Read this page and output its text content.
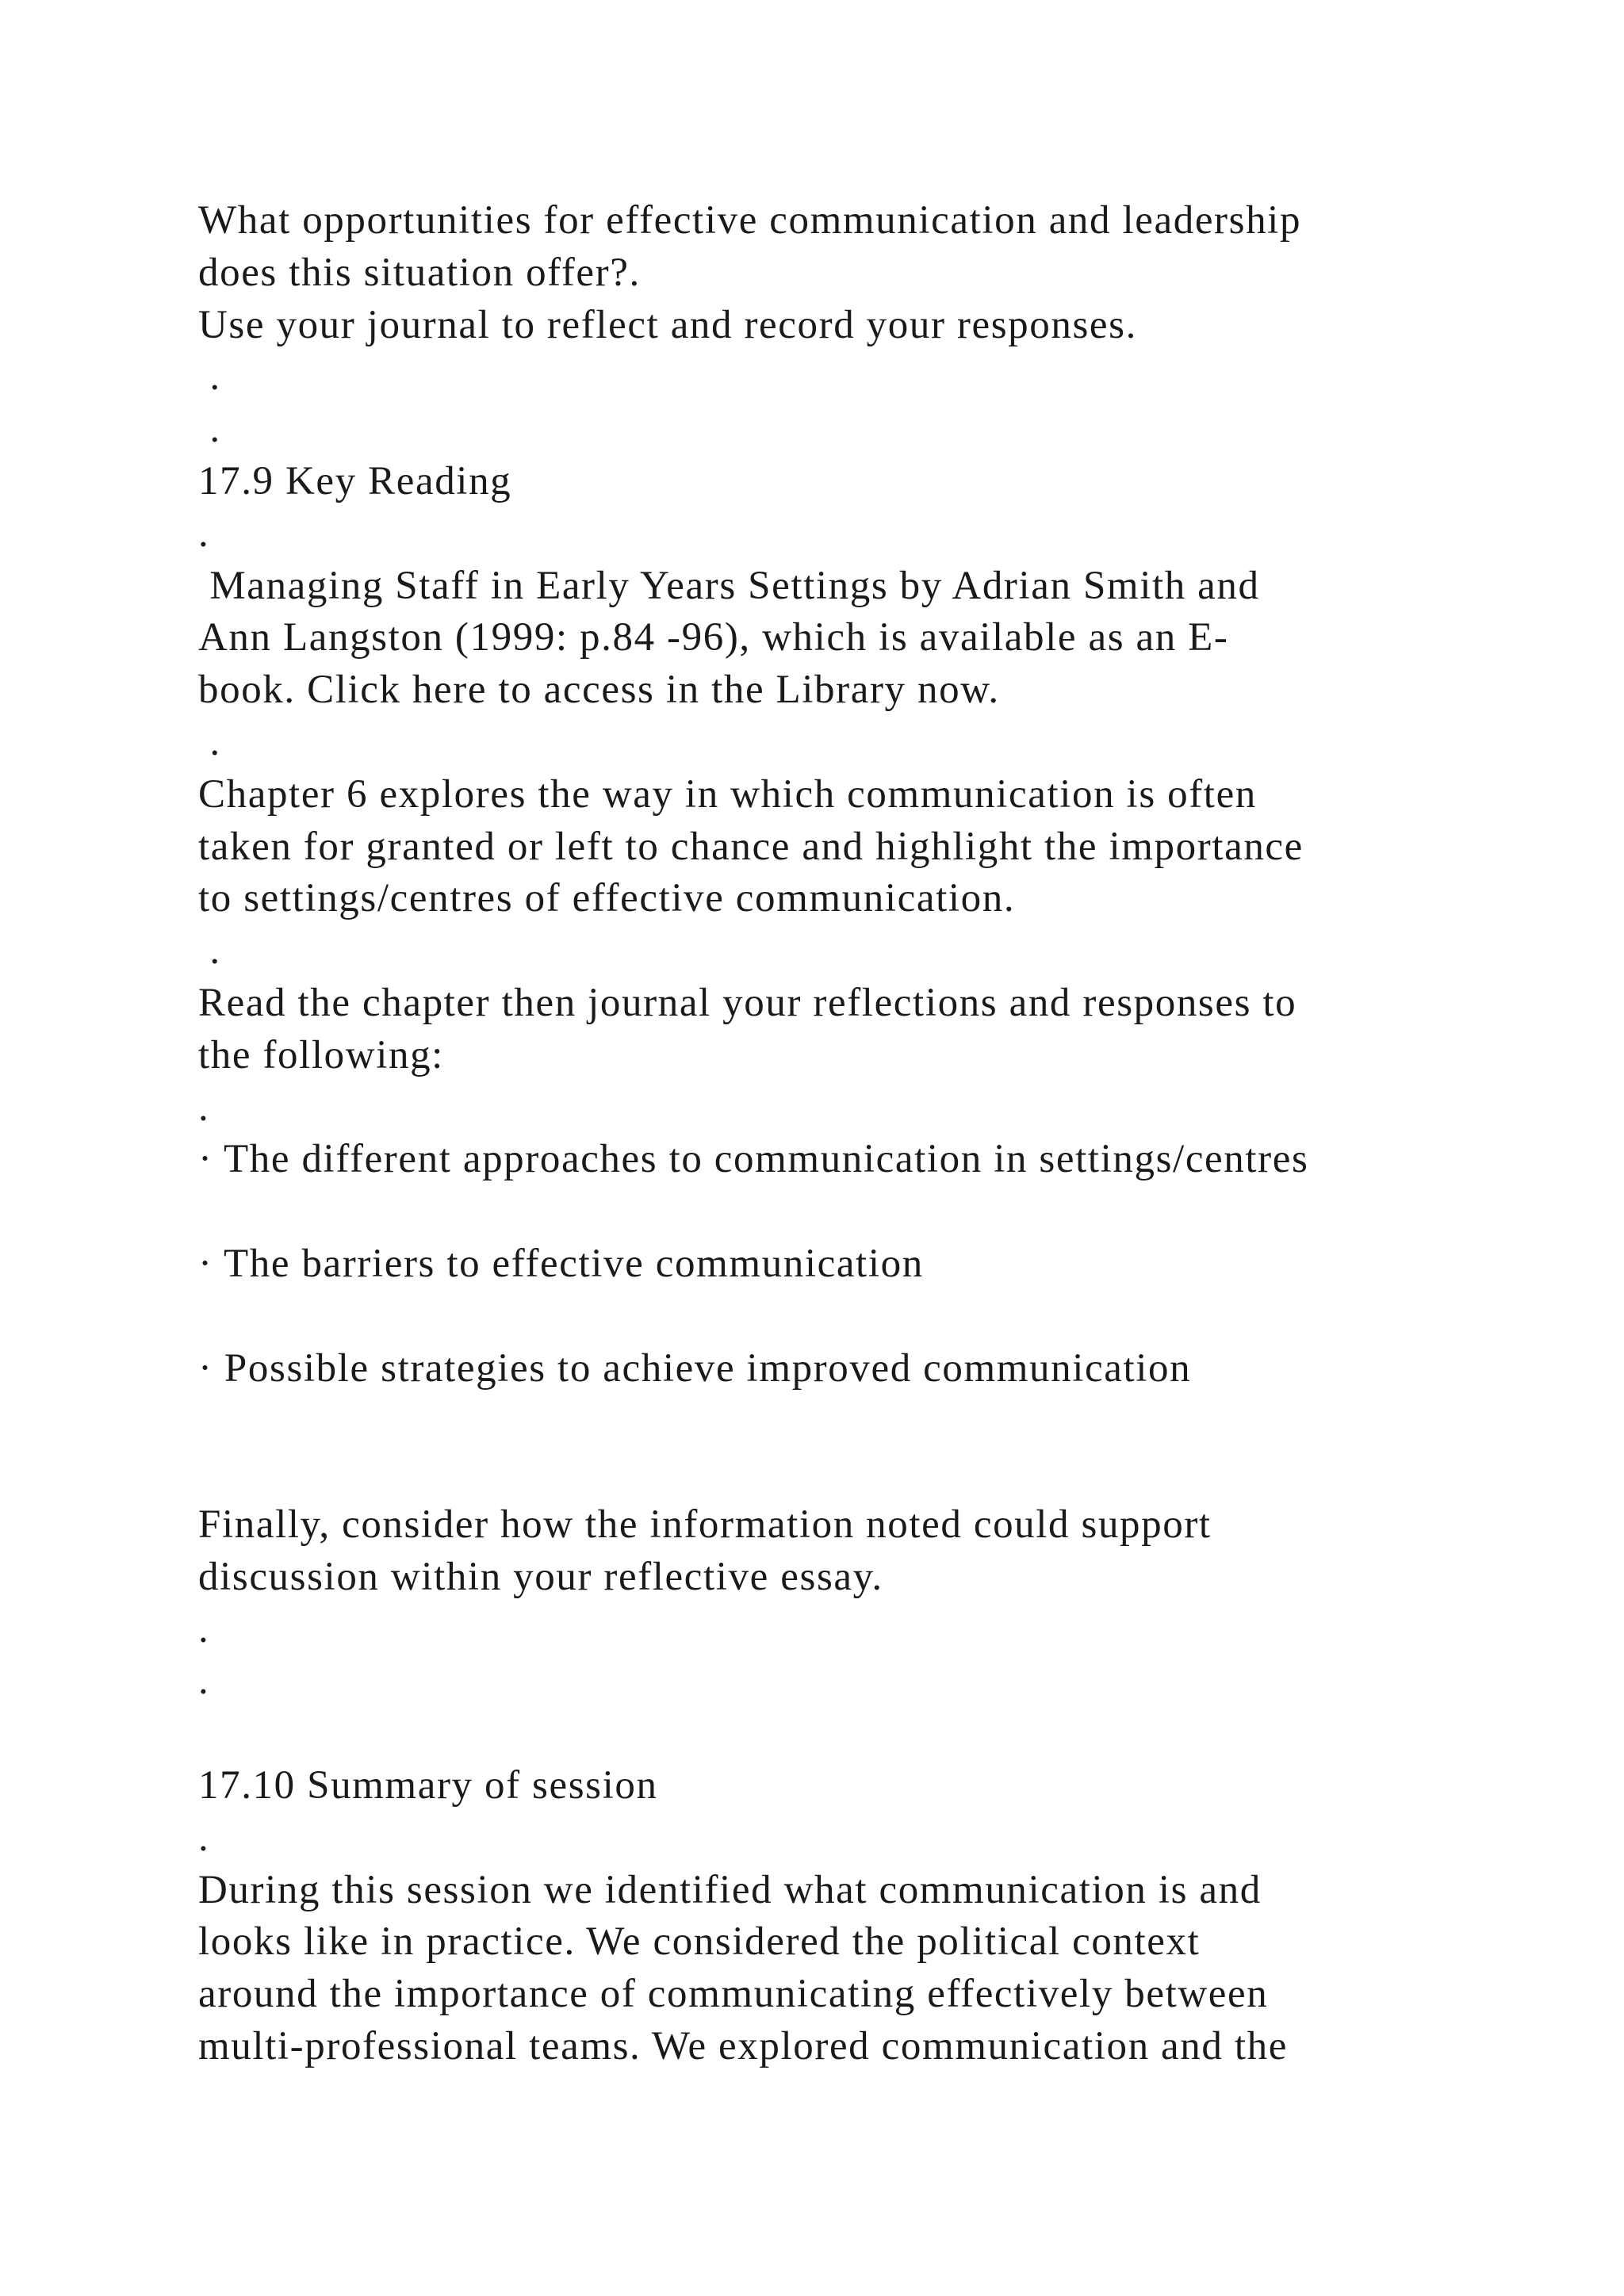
What opportunities for effective communication and leadership
does this situation offer?.
Use your journal to reflect and record your responses.
.
.
17.9 Key Reading
.
Managing Staff in Early Years Settings by Adrian Smith and
Ann Langston (1999: p.84 -96), which is available as an E-
book. Click here to access in the Library now.
.
Chapter 6 explores the way in which communication is often
taken for granted or left to chance and highlight the importance
to settings/centres of effective communication.
.
Read the chapter then journal your reflections and responses to
the following:
.
· The different approaches to communication in settings/centres
· The barriers to effective communication
· Possible strategies to achieve improved communication
Finally, consider how the information noted could support
discussion within your reflective essay.
.
.
17.10 Summary of session
.
During this session we identified what communication is and
looks like in practice. We considered the political context
around the importance of communicating effectively between
multi-professional teams. We explored communication and the
